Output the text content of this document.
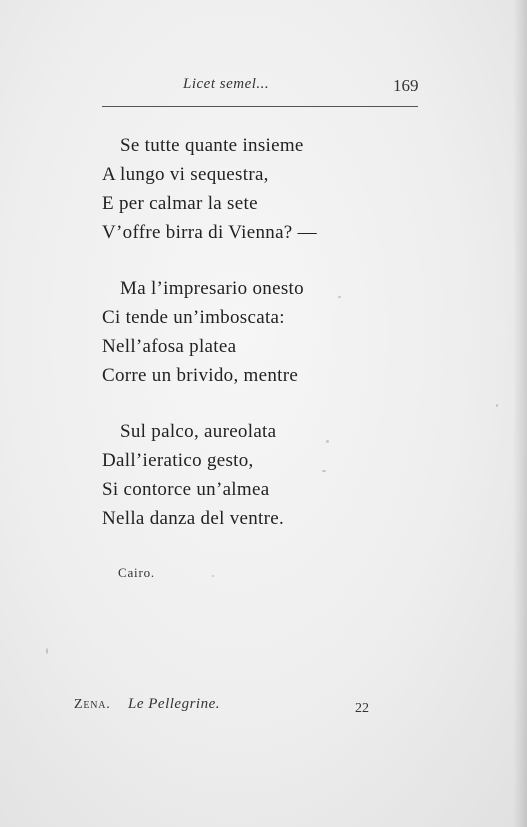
Licet semel...	169
Se tutte quante insieme
A lungo vi sequestra,
E per calmar la sete
V’offre birra di Vienna? —
Ma l’impresario onesto
Ci tende un’imboscata:
Nell’afosa platea
Corre un brivido, mentre
Sul palco, aureolata
Dall’ieratico gesto,
Si contorce un’almea
Nella danza del ventre.
Cairo.
Zena. Le Pellegrine.	22
